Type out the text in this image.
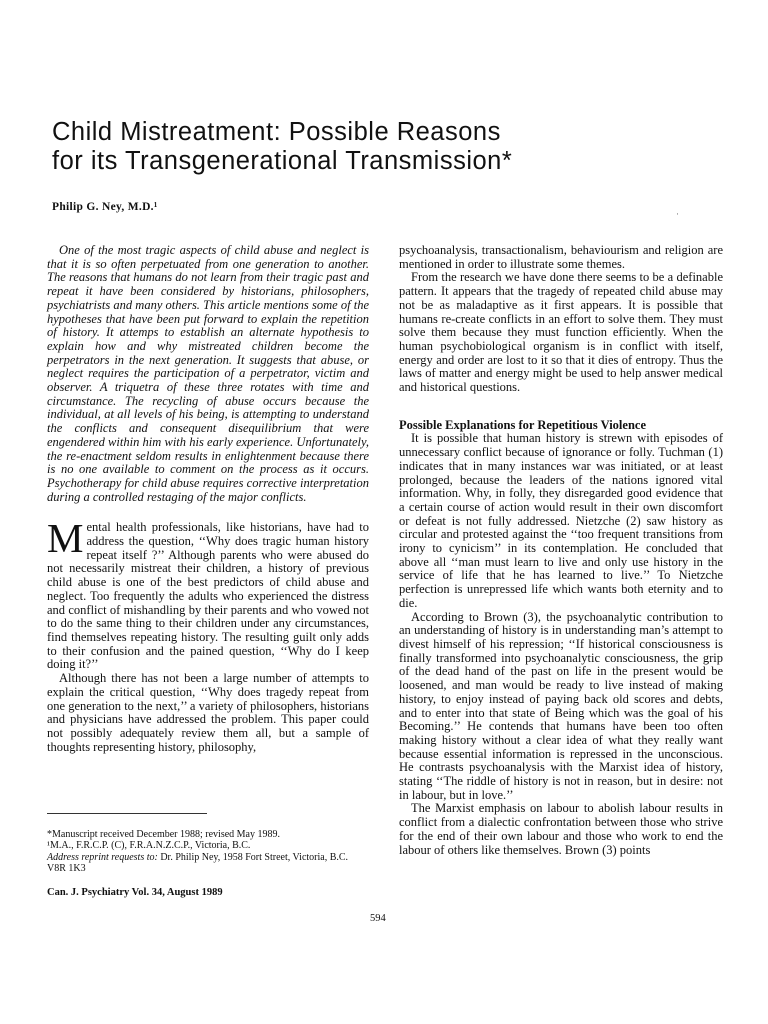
Child Mistreatment: Possible Reasons
for its Transgenerational Transmission*
Philip G. Ney, M.D.¹
·

One of the most tragic aspects of child abuse and neglect is that it is so often perpetuated from one generation to another. The reasons that humans do not learn from their tragic past and repeat it have been considered by historians, philosophers, psychiatrists and many others. This article mentions some of the hypotheses that have been put forward to explain the repetition of history. It attemps to establish an alternate hypothesis to explain how and why mistreated children become the perpetrators in the next generation. It suggests that abuse, or neglect requires the participation of a perpetrator, victim and observer. A triquetra of these three rotates with time and circumstance. The recycling of abuse occurs because the individual, at all levels of his being, is attempting to understand the conflicts and consequent disequilibrium that were engendered within him with his early experience. Unfortunately, the re-enactment seldom results in enlightenment because there is no one available to comment on the process as it occurs. Psychotherapy for child abuse requires corrective interpretation during a controlled restaging of the major conflicts.

Mental health professionals, like historians, have had to address the question, ‘‘Why does tragic human history repeat itself ?’’ Although parents who were abused do not necessarily mistreat their children, a history of previous child abuse is one of the best predictors of child abuse and neglect. Too frequently the adults who experienced the distress and conflict of mishandling by their parents and who vowed not to do the same thing to their children under any circumstances, find themselves repeating history. The resulting guilt only adds to their confusion and the pained question, ‘‘Why do I keep doing it?’’

Although there has not been a large number of attempts to explain the critical question, ‘‘Why does tragedy repeat from one generation to the next,’’ a variety of philosophers, historians and physicians have addressed the problem. This paper could not possibly adequately review them all, but a sample of thoughts representing history, philosophy,

*Manuscript received December 1988; revised May 1989.
¹M.A., F.R.C.P. (C), F.R.A.N.Z.C.P., Victoria, B.C.
Address reprint requests to: Dr. Philip Ney, 1958 Fort Street, Victoria, B.C. V8R 1K3
Can. J. Psychiatry Vol. 34, August 1989
594

psychoanalysis, transactionalism, behaviourism and religion are mentioned in order to illustrate some themes.

From the research we have done there seems to be a definable pattern. It appears that the tragedy of repeated child abuse may not be as maladaptive as it first appears. It is possible that humans re-create conflicts in an effort to solve them. They must solve them because they must function efficiently. When the human psychobiological organism is in conflict with itself, energy and order are lost to it so that it dies of entropy. Thus the laws of matter and energy might be used to help answer medical and historical questions.

Possible Explanations for Repetitious Violence

It is possible that human history is strewn with episodes of unnecessary conflict because of ignorance or folly. Tuchman (1) indicates that in many instances war was initiated, or at least prolonged, because the leaders of the nations ignored vital information. Why, in folly, they disregarded good evidence that a certain course of action would result in their own discomfort or defeat is not fully addressed. Nietzche (2) saw history as circular and protested against the ‘‘too frequent transitions from irony to cynicism’’ in its contemplation. He concluded that above all ‘‘man must learn to live and only use history in the service of life that he has learned to live.’’ To Nietzche perfection is unrepressed life which wants both eternity and to die.

According to Brown (3), the psychoanalytic contribution to an understanding of history is in understanding man’s attempt to divest himself of his repression; ‘‘If historical consciousness is finally transformed into psychoanalytic consciousness, the grip of the dead hand of the past on life in the present would be loosened, and man would be ready to live instead of making history, to enjoy instead of paying back old scores and debts, and to enter into that state of Being which was the goal of his Becoming.’’ He contends that humans have been too often making history without a clear idea of what they really want because essential information is repressed in the unconscious. He contrasts psychoanalysis with the Marxist idea of history, stating ‘‘The riddle of history is not in reason, but in desire: not in labour, but in love.’’

The Marxist emphasis on labour to abolish labour results in conflict from a dialectic confrontation between those who strive for the end of their own labour and those who work to end the labour of others like themselves. Brown (3) points
